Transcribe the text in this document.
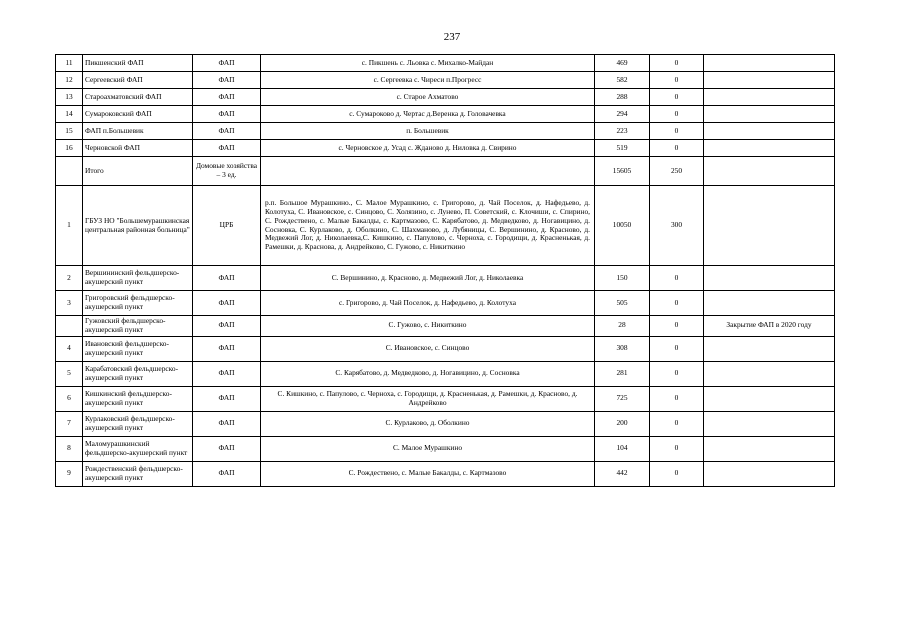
237
11	Пикшенский ФАП	ФАП	с. Пикшень с. Льовка с. Михалко-Майдан	469	0	
12	Сергеевский ФАП	ФАП	с. Сергеевка с. Чиреси п.Прогресс	582	0	
13	Староахматовский ФАП	ФАП	с. Старое Ахматово	288	0	
14	Сумароковский ФАП	ФАП	с. Сумароково д. Чертас д.Веренка д. Головачевка	294	0	
15	ФАП п.Большевик	ФАП	п. Большевик	223	0	
16	Черновской ФАП	ФАП	с. Черновское д. Усад с. Жданово д. Ниловка д. Свирино	519	0	
	Итого	Домовые хозяйства – 3 ед.		15605	250	
1	ГБУЗ НО "Большемурашкинская центральная районная больница"	ЦРБ	р.п. Большое Мурашкино., С. Малое Мурашкино, с. Григорово, д. Чай Поселок, д. Нафедьево, д. Колотуха, С. Ивановское, с. Синцово, С. Холязино, с. Лунево, П. Советский, с. Клочиши, с. Спирино, С. Рождествено, с. Малые Бакалды, с. Картмазово, С. Карябатово, д. Медведково, д. Ногавицино, д. Сосновка, С. Курлаково, д. Оболкино, С. Шахманово, д. Лубяницы, С. Вершинино, д. Красново, д. Медвежий Лог, д. Николаевка,С. Кишкино, с. Папулово, с. Черноха, с. Городищи, д. Красненькая, д. Рамешки, д. Краснова, д. Андрейково, С. Гужово, с. Никиткино	10050	300	
2	Вершининский фельдшерско-акушерский пункт	ФАП	С. Вершинино, д. Красново, д. Медвежий Лог, д. Николаевка	150	0	
3	Григоровский фельдшерско-акушерский пункт	ФАП	с. Григорово, д. Чай Поселок, д. Нафедьево, д. Колотуха	505	0	
	Гужовский фельдшерско-акушерский пункт	ФАП	С. Гужово, с. Никиткино	28	0	Закрытие ФАП в 2020 году
4	Ивановский фельдшерско-акушерский пункт	ФАП	С. Ивановское, с. Синцово	308	0	
5	Карабатовский фельдшерско-акушерский пункт	ФАП	С. Карябатово, д. Медведково, д. Ногавицино, д. Сосновка	281	0	
6	Кишкинский фельдшерско-акушерский пункт	ФАП	С. Кишкино, с. Папулово, с. Черноха, с. Городищи, д. Красненькая, д. Рамешки, д. Красново, д. Андрейково	725	0	
7	Курлаковский фельдшерско-акушерский пункт	ФАП	С. Курлаково, д. Оболкино	200	0	
8	Маломурашкинский фельдшерско-акушерский пункт	ФАП	С. Малое Мурашкино	104	0	
9	Рождественский фельдшерско-акушерский пункт	ФАП	С. Рождествено, с. Малые Бакалды, с. Картмазово	442	0	
